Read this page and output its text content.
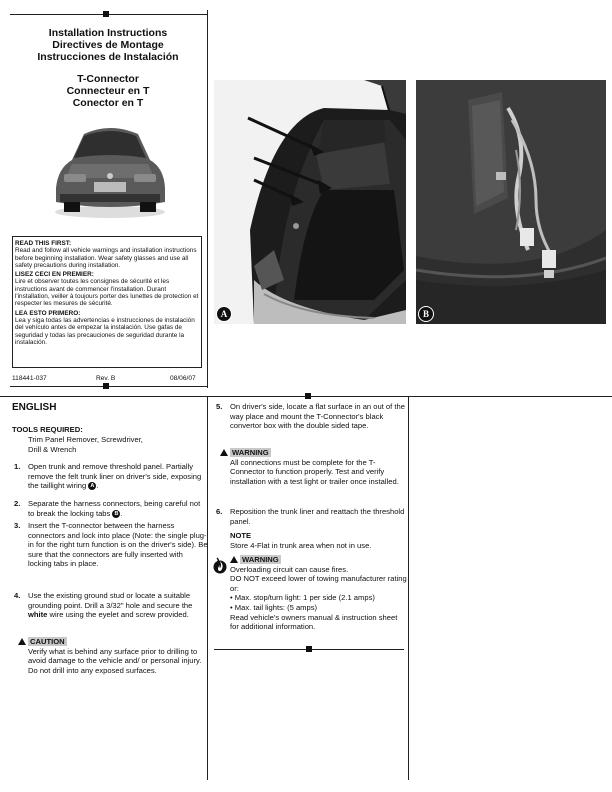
Installation Instructions
Directives de Montage
Instrucciones de Instalación
T-Connector
Connecteur en T
Conector en T
READ THIS FIRST:
Read and follow all vehicle warnings and installation instructions before beginning installation. Wear safety glasses and use all safety precautions during installation.
LISEZ CECI EN PREMIER:
Lire et observer toutes les consignes de sécurité et les instructions avant de commencer l'installation. Durant l'installation, veiller à toujours porter des lunettes de protection et respecter les mesures de sécurité.
LEA ESTO PRIMERO:
Lea y siga todas las advertencias e instrucciones de instalación del vehículo antes de empezar la instalación. Use gafas de seguridad y todas las precauciones de seguridad durante la instalación.
118441-037	Rev. B	08/06/07
A	B
ENGLISH
TOOLS REQUIRED:
Trim Panel Remover, Screwdriver,
Drill & Wrench
1. Open trunk and remove threshold panel. Partially remove the felt trunk liner on driver's side, exposing the taillight wiring A .
2. Separate the harness connectors, being careful not to break the locking tabs B .
3. Insert the T-connector between the harness connectors and lock into place (Note: the single plug-in for the right turn function is on the driver's side). Be sure that the connectors are fully inserted with locking tabs in place.
4. Use the existing ground stud or locate a suitable grounding point. Drill a 3/32" hole and secure the white wire using the eyelet and screw provided.
CAUTION
Verify what is behind any surface prior to drilling to avoid damage to the vehicle and/ or personal injury. Do not drill into any exposed surfaces.
5. On driver's side, locate a flat surface in an out of the way place and mount the T-Connector's black convertor box with the double sided tape.
WARNING
All connections must be complete for the T-Connector to function properly. Test and verify installation with a test light or trailer once installed.
6. Reposition the trunk liner and reattach the threshold panel.
NOTE
Store 4-Flat in trunk area when not in use.
WARNING
Overloading circuit can cause fires.
DO NOT exceed lower of towing manufacturer rating or:
• Max. stop/turn light: 1 per side (2.1 amps)
• Max. tail lights: (5 amps)
Read vehicle's owners manual & instruction sheet for additional information.
